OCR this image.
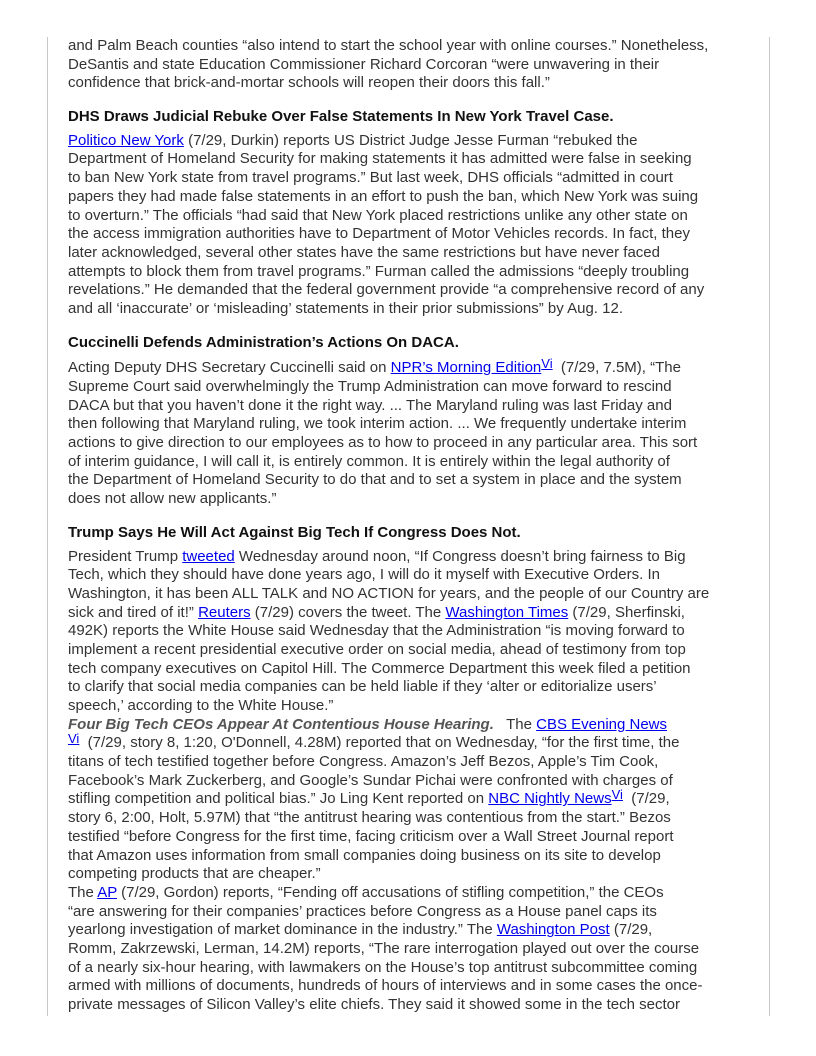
and Palm Beach counties “also intend to start the school year with online courses.” Nonetheless,
DeSantis and state Education Commissioner Richard Corcoran “were unwavering in their
confidence that brick-and-mortar schools will reopen their doors this fall.”
DHS Draws Judicial Rebuke Over False Statements In New York Travel Case.
Politico New York (7/29, Durkin) reports US District Judge Jesse Furman “rebuked the
Department of Homeland Security for making statements it has admitted were false in seeking
to ban New York state from travel programs.” But last week, DHS officials “admitted in court
papers they had made false statements in an effort to push the ban, which New York was suing
to overturn.” The officials “had said that New York placed restrictions unlike any other state on
the access immigration authorities have to Department of Motor Vehicles records. In fact, they
later acknowledged, several other states have the same restrictions but have never faced
attempts to block them from travel programs.” Furman called the admissions “deeply troubling
revelations.” He demanded that the federal government provide “a comprehensive record of any
and all ‘inaccurate’ or ‘misleading’ statements in their prior submissions” by Aug. 12.
Cuccinelli Defends Administration’s Actions On DACA.
Acting Deputy DHS Secretary Cuccinelli said on NPR’s Morning EditionVi  (7/29, 7.5M), “The
Supreme Court said overwhelmingly the Trump Administration can move forward to rescind
DACA but that you haven’t done it the right way. ... The Maryland ruling was last Friday and
then following that Maryland ruling, we took interim action. ... We frequently undertake interim
actions to give direction to our employees as to how to proceed in any particular area. This sort
of interim guidance, I will call it, is entirely common. It is entirely within the legal authority of
the Department of Homeland Security to do that and to set a system in place and the system
does not allow new applicants.”
Trump Says He Will Act Against Big Tech If Congress Does Not.
President Trump tweeted Wednesday around noon, “If Congress doesn’t bring fairness to Big
Tech, which they should have done years ago, I will do it myself with Executive Orders. In
Washington, it has been ALL TALK and NO ACTION for years, and the people of our Country are
sick and tired of it!” Reuters (7/29) covers the tweet. The Washington Times (7/29, Sherfinski,
492K) reports the White House said Wednesday that the Administration “is moving forward to
implement a recent presidential executive order on social media, ahead of testimony from top
tech company executives on Capitol Hill. The Commerce Department this week filed a petition
to clarify that social media companies can be held liable if they ‘alter or editorialize users’
speech,’ according to the White House.”
Four Big Tech CEOs Appear At Contentious House Hearing.   The CBS Evening News
Vi  (7/29, story 8, 1:20, O'Donnell, 4.28M) reported that on Wednesday, “for the first time, the
titans of tech testified together before Congress. Amazon’s Jeff Bezos, Apple’s Tim Cook,
Facebook’s Mark Zuckerberg, and Google’s Sundar Pichai were confronted with charges of
stifling competition and political bias.” Jo Ling Kent reported on NBC Nightly NewsVi  (7/29,
story 6, 2:00, Holt, 5.97M) that “the antitrust hearing was contentious from the start.” Bezos
testified “before Congress for the first time, facing criticism over a Wall Street Journal report
that Amazon uses information from small companies doing business on its site to develop
competing products that are cheaper.”
The AP (7/29, Gordon) reports, “Fending off accusations of stifling competition,” the CEOs
“are answering for their companies’ practices before Congress as a House panel caps its
yearlong investigation of market dominance in the industry.” The Washington Post (7/29,
Romm, Zakrzewski, Lerman, 14.2M) reports, “The rare interrogation played out over the course
of a nearly six-hour hearing, with lawmakers on the House’s top antitrust subcommittee coming
armed with millions of documents, hundreds of hours of interviews and in some cases the once-
private messages of Silicon Valley’s elite chiefs. They said it showed some in the tech sector
